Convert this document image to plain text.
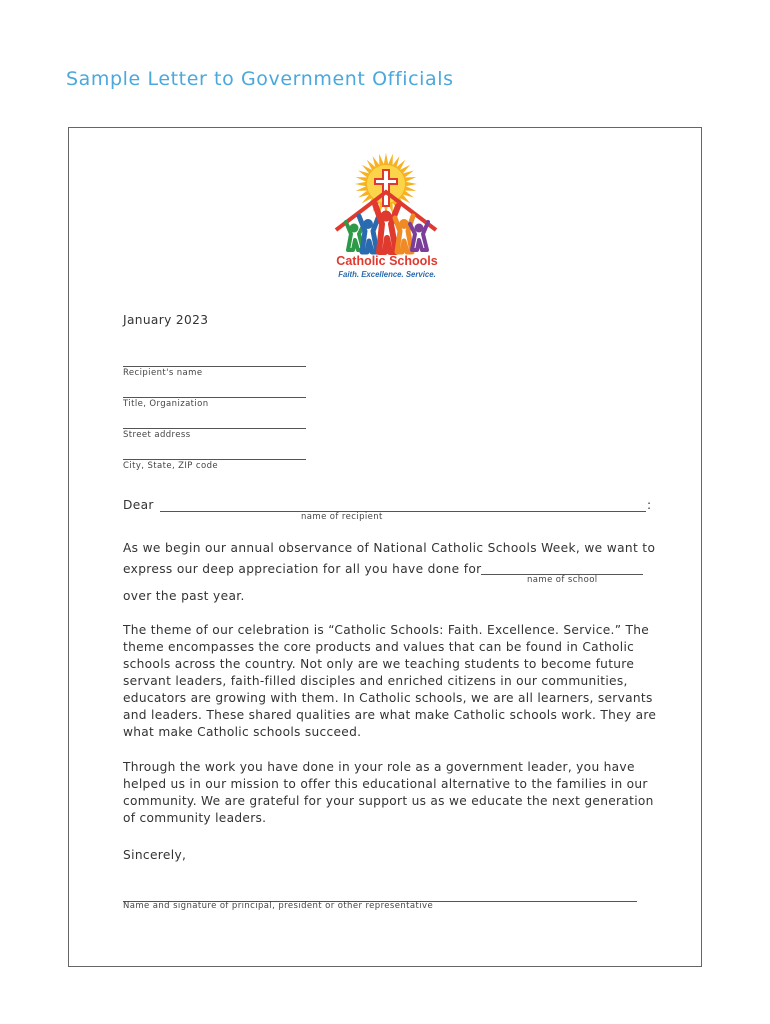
Sample Letter to Government Officials
Catholic Schools
Faith. Excellence. Service.
January 2023
Recipient's name
Title, Organization
Street address
City, State, ZIP code
Dear	:
name of recipient
As we begin our annual observance of National Catholic Schools Week, we want to
express our deep appreciation for all you have done for
name of school
over the past year.

The theme of our celebration is “Catholic Schools: Faith. Excellence. Service.” The theme encompasses the core products and values that can be found in Catholic schools across the country. Not only are we teaching students to become future servant leaders, faith-filled disciples and enriched citizens in our communities, educators are growing with them. In Catholic schools, we are all learners, servants and leaders. These shared qualities are what make Catholic schools work. They are what make Catholic schools succeed.

Through the work you have done in your role as a government leader, you have helped us in our mission to offer this educational alternative to the families in our community. We are grateful for your support us as we educate the next generation of community leaders.

Sincerely,
Name and signature of principal, president or other representative
